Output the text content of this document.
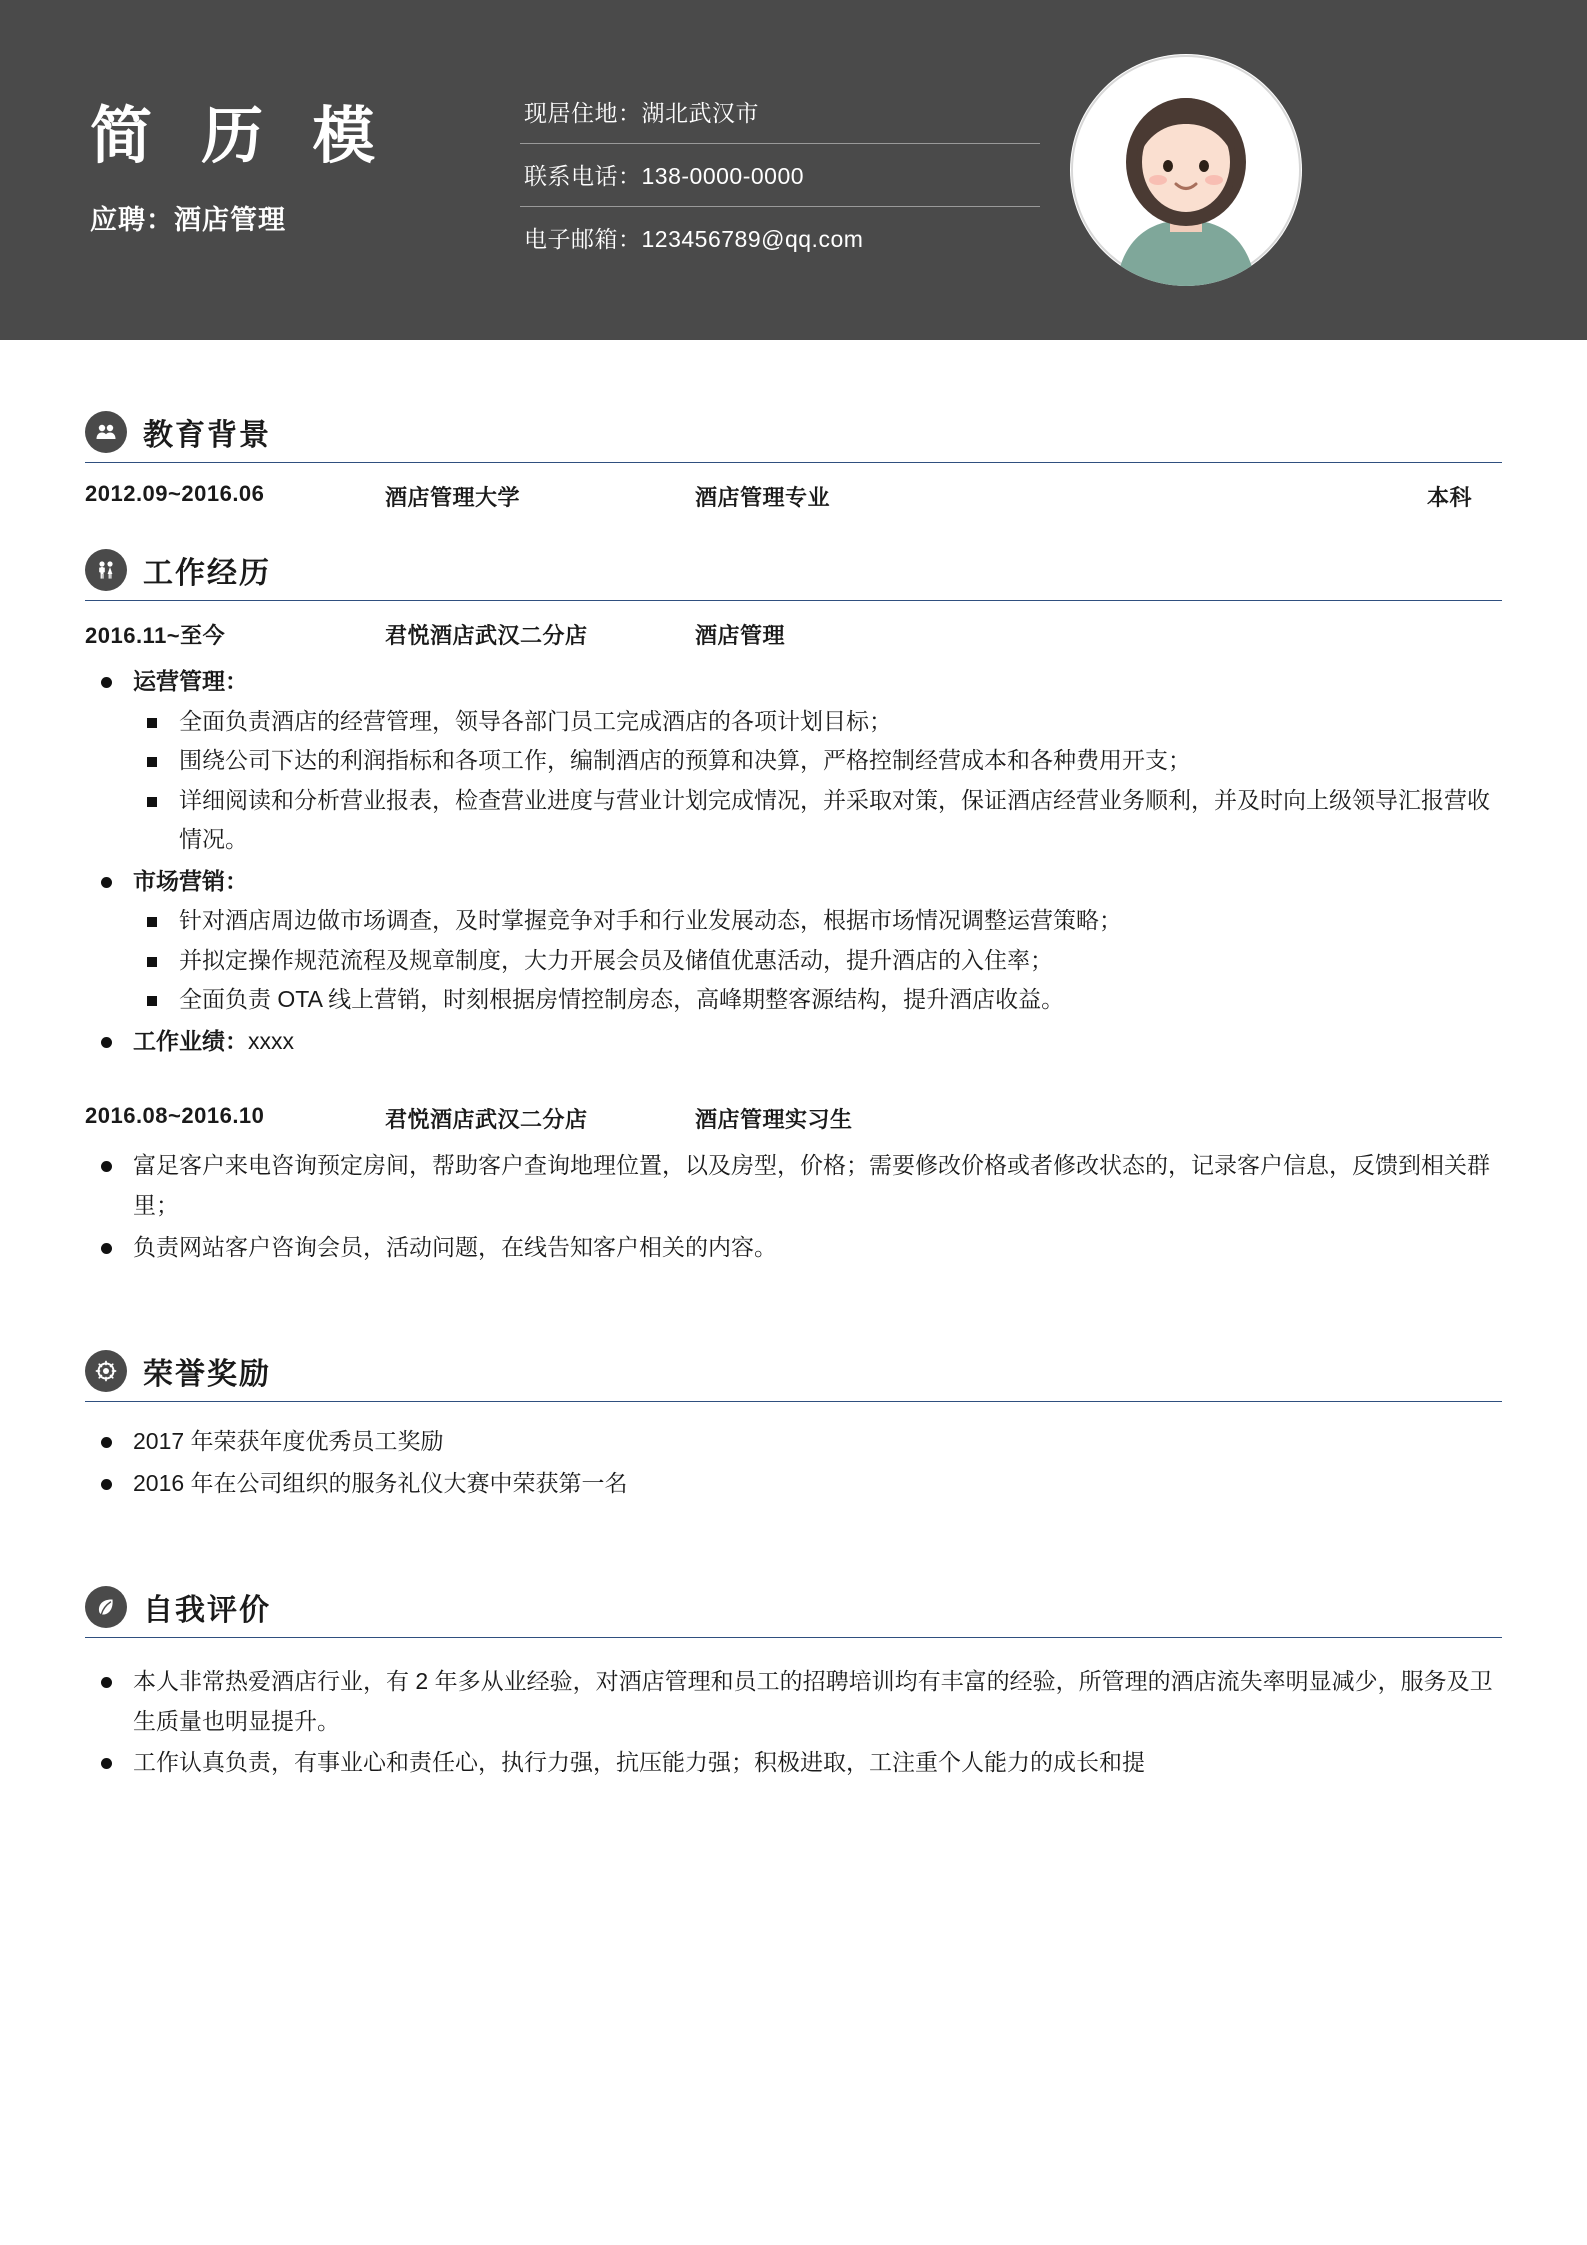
简 历 模
应聘：酒店管理
现居住地：湖北武汉市
联系电话：138-0000-0000
电子邮箱：123456789@qq.com
教育背景
2012.09~2016.06	酒店管理大学	酒店管理专业	本科
工作经历
2016.11~至今	君悦酒店武汉二分店	酒店管理
运营管理：
全面负责酒店的经营管理，领导各部门员工完成酒店的各项计划目标；
围绕公司下达的利润指标和各项工作，编制酒店的预算和决算，严格控制经营成本和各种费用开支；
详细阅读和分析营业报表，检查营业进度与营业计划完成情况，并采取对策，保证酒店经营业务顺利，并及时向上级领导汇报营收情况。
市场营销：
针对酒店周边做市场调查，及时掌握竞争对手和行业发展动态，根据市场情况调整运营策略；
并拟定操作规范流程及规章制度，大力开展会员及储值优惠活动，提升酒店的入住率；
全面负责 OTA 线上营销，时刻根据房情控制房态，高峰期整客源结构，提升酒店收益。
工作业绩：xxxx
2016.08~2016.10	君悦酒店武汉二分店	酒店管理实习生
富足客户来电咨询预定房间，帮助客户查询地理位置，以及房型，价格；需要修改价格或者修改状态的，记录客户信息，反馈到相关群里；
负责网站客户咨询会员，活动问题，在线告知客户相关的内容。
荣誉奖励
2017 年荣获年度优秀员工奖励
2016 年在公司组织的服务礼仪大赛中荣获第一名
自我评价
本人非常热爱酒店行业，有 2 年多从业经验，对酒店管理和员工的招聘培训均有丰富的经验，所管理的酒店流失率明显减少，服务及卫生质量也明显提升。
工作认真负责，有事业心和责任心，执行力强，抗压能力强；积极进取，工注重个人能力的成长和提
